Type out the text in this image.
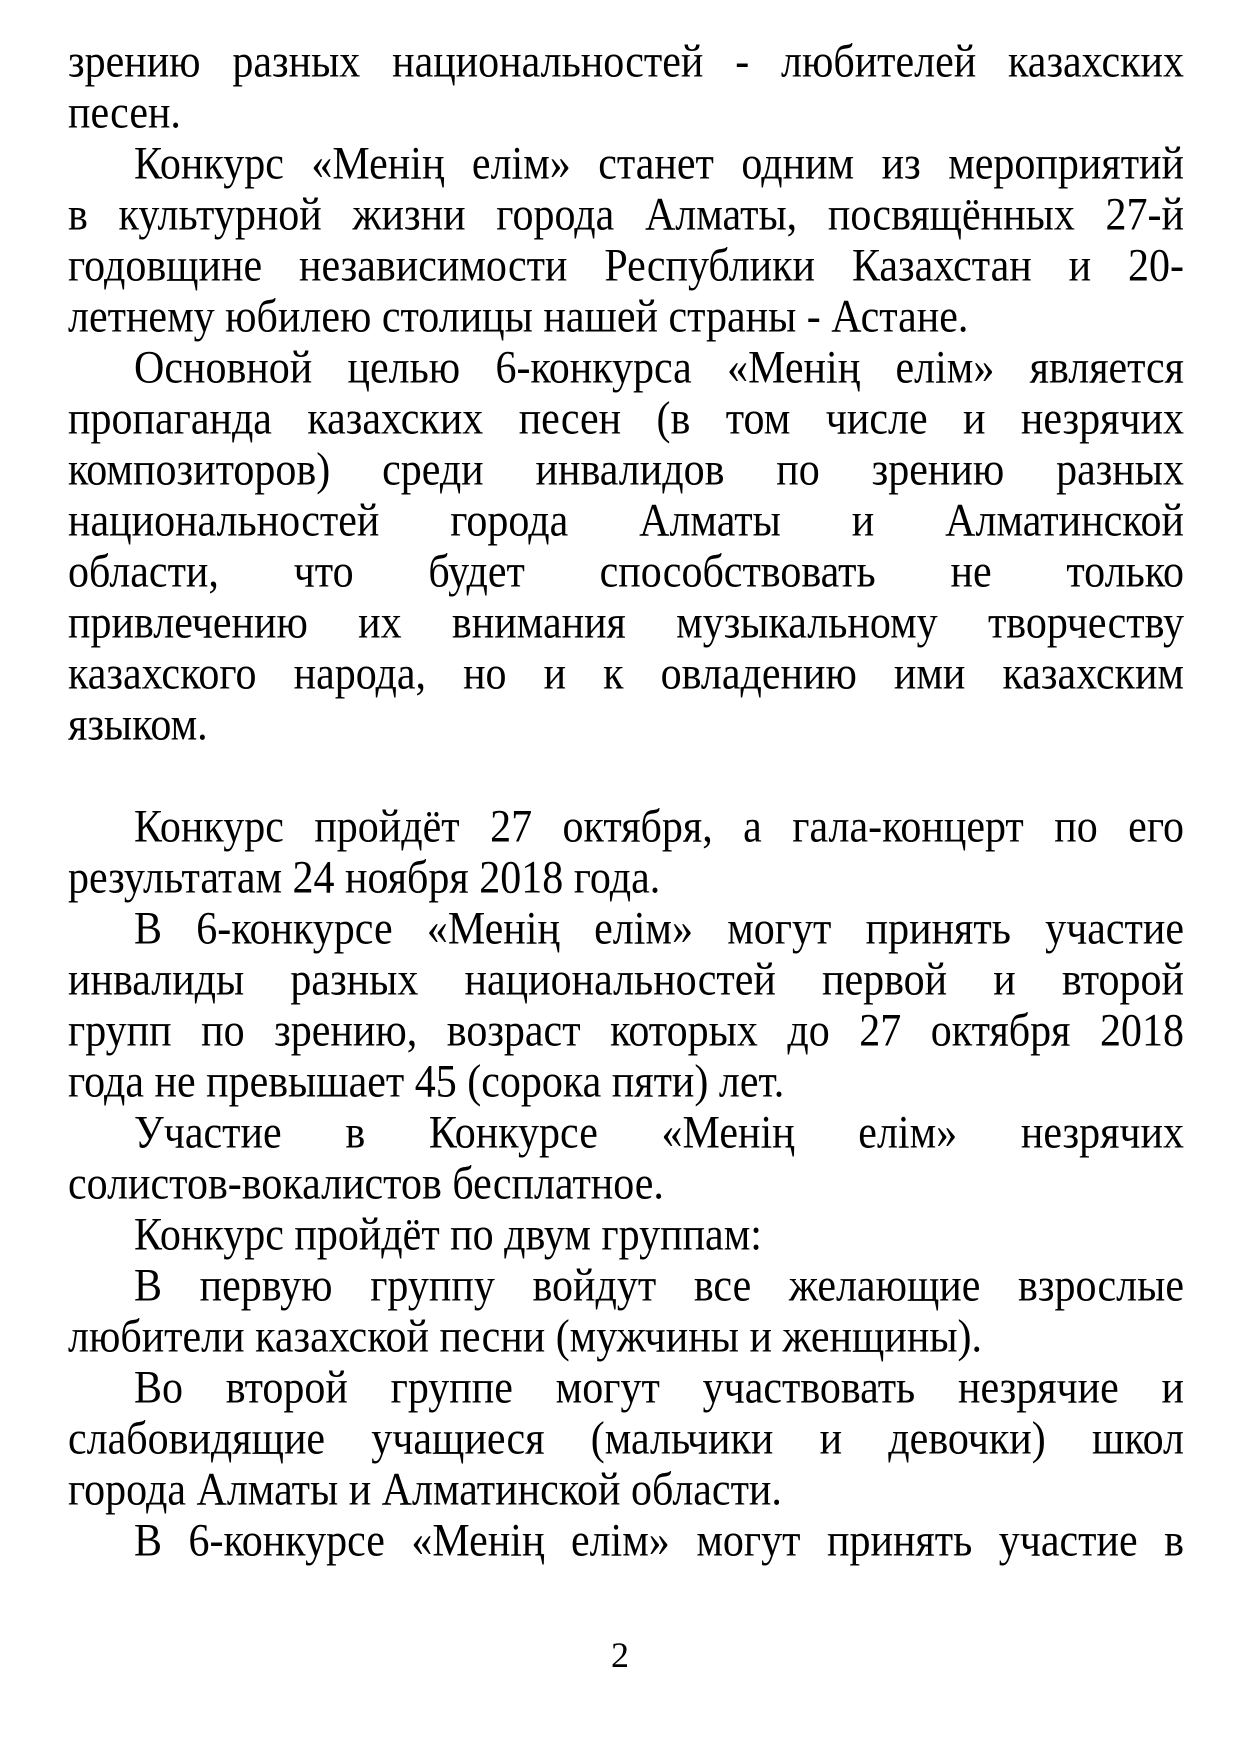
зрению разных национальностей - любителей казахских
песен.
Конкурс «Менің елім» станет одним из мероприятий
в культурной жизни города Алматы, посвящённых 27-й
годовщине независимости Республики Казахстан и 20-
летнему юбилею столицы нашей страны - Астане.
Основной целью 6-конкурса «Менің елім» является
пропаганда казахских песен (в том числе и незрячих
композиторов) среди инвалидов по зрению разных
национальностей города Алматы и Алматинской
области, что будет способствовать не только
привлечению их внимания музыкальному творчеству
казахского народа, но и к овладению ими казахским
языком.
Конкурс пройдёт 27 октября, а гала-концерт по его
результатам 24 ноября 2018 года.
В 6-конкурсе «Менің елім» могут принять участие
инвалиды разных национальностей первой и второй
групп по зрению, возраст которых до 27 октября 2018
года не превышает 45 (сорока пяти) лет.
Участие в Конкурсе «Менің елім» незрячих
солистов-вокалистов бесплатное.
Конкурс пройдёт по двум группам:
В первую группу войдут все желающие взрослые
любители казахской песни (мужчины и женщины).
Во второй группе могут участвовать незрячие и
слабовидящие учащиеся (мальчики и девочки) школ
города Алматы и Алматинской области.
В 6-конкурсе «Менің елім» могут принять участие в
2
